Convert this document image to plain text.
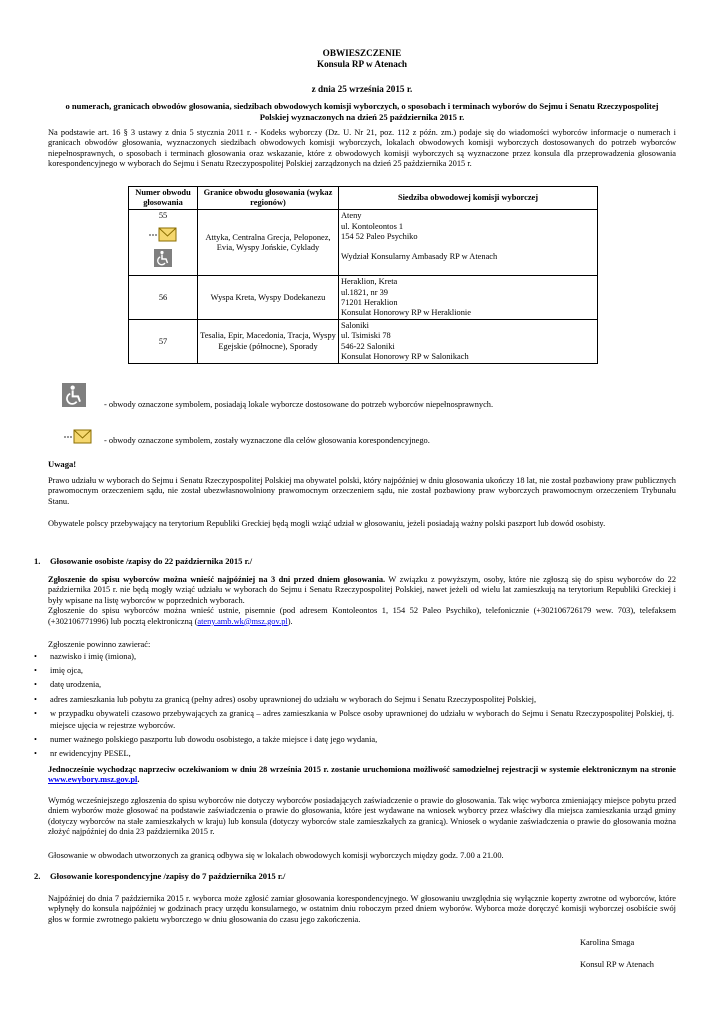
OBWIESZCZENIE
Konsula RP w Atenach
z dnia 25 września 2015 r.
o numerach, granicach obwodów głosowania, siedzibach obwodowych komisji wyborczych, o sposobach i terminach wyborów do Sejmu i Senatu Rzeczypospolitej Polskiej wyznaczonych na dzień 25 października 2015 r.

Na podstawie art. 16 § 3 ustawy z dnia 5 stycznia 2011 r. - Kodeks wyborczy (Dz. U. Nr 21, poz. 112 z późn. zm.) podaje się do wiadomości wyborców informacje o numerach i granicach obwodów głosowania, wyznaczonych siedzibach obwodowych komisji wyborczych, lokalach obwodowych komisji wyborczych dostosowanych do potrzeb wyborców niepełnosprawnych, o sposobach i terminach głosowania oraz wskazanie, które z obwodowych komisji wyborczych są wyznaczone przez konsula dla przeprowadzenia głosowania korespondencyjnego w wyborach do Sejmu i Senatu Rzeczypospolitej Polskiej zarządzonych na dzień 25 października 2015 r.

Numer obwodu głosowania	Granice obwodu głosowania (wykaz regionów)	Siedziba obwodowej komisji wyborczej

55	Attyka, Centralna Grecja, Peloponez, Evia, Wyspy Jońskie, Cyklady	Ateny
ul. Kontoleontos 1
154 52 Paleo Psychiko
Wydział Konsularny Ambasady RP w Atenach

56	Wyspa Kreta, Wyspy Dodekanezu	Heraklion, Kreta
ul.1821, nr 39
71201 Heraklion
Konsulat Honorowy RP w Heraklionie

57	Tesalia, Epir, Macedonia, Tracja, Wyspy Egejskie (północne), Sporady	Saloniki
ul. Tsimiski 78
546-22 Saloniki
Konsulat Honorowy RP w Salonikach
- obwody oznaczone symbolem, posiadają lokale wyborcze dostosowane do potrzeb wyborców niepełnosprawnych.
- obwody oznaczone symbolem, zostały wyznaczone dla celów głosowania korespondencyjnego.
Uwaga!

Prawo udziału w wyborach do Sejmu i Senatu Rzeczypospolitej Polskiej ma obywatel polski, który najpóźniej w dniu głosowania ukończy 18 lat, nie został pozbawiony praw publicznych prawomocnym orzeczeniem sądu, nie został ubezwłasnowolniony prawomocnym orzeczeniem sądu, nie został pozbawiony praw wyborczych prawomocnym orzeczeniem Trybunału Stanu.

Obywatele polscy przebywający na terytorium Republiki Greckiej będą mogli wziąć udział w głosowaniu, jeżeli posiadają ważny polski paszport lub dowód osobisty.

1. Głosowanie osobiste /zapisy do 22 października 2015 r./

Zgłoszenie do spisu wyborców można wnieść najpóźniej na 3 dni przed dniem głosowania. W związku z powyższym, osoby, które nie zgłoszą się do spisu wyborców do 22 października 2015 r. nie będą mogły wziąć udziału w wyborach do Sejmu i Senatu Rzeczypospolitej Polskiej, nawet jeżeli od wielu lat zamieszkują na terytorium Republiki Greckiej i były wpisane na listę wyborców w poprzednich wyborach.
Zgłoszenie do spisu wyborców można wnieść ustnie, pisemnie (pod adresem Kontoleontos 1, 154 52 Paleo Psychiko), telefonicznie (+302106726179 wew. 703), telefaksem (+302106771996) lub pocztą elektroniczną (ateny.amb.wk@msz.gov.pl).

Zgłoszenie powinno zawierać:
• nazwisko i imię (imiona),
• imię ojca,
• datę urodzenia,
• adres zamieszkania lub pobytu za granicą (pełny adres) osoby uprawnionej do udziału w wyborach do Sejmu i Senatu Rzeczypospolitej Polskiej,
• w przypadku obywateli czasowo przebywających za granicą – adres zamieszkania w Polsce osoby uprawnionej do udziału w wyborach do Sejmu i Senatu Rzeczypospolitej Polskiej, tj. miejsce ujęcia w rejestrze wyborców.
• numer ważnego polskiego paszportu lub dowodu osobistego, a także miejsce i datę jego wydania,
• nr ewidencyjny PESEL,

Jednocześnie wychodząc naprzeciw oczekiwaniom w dniu 28 września 2015 r. zostanie uruchomiona możliwość samodzielnej rejestracji w systemie elektronicznym na stronie www.ewybory.msz.gov.pl.

Wymóg wcześniejszego zgłoszenia do spisu wyborców nie dotyczy wyborców posiadających zaświadczenie o prawie do głosowania. Tak więc wyborca zmieniający miejsce pobytu przed dniem wyborów może głosować na podstawie zaświadczenia o prawie do głosowania, które jest wydawane na wniosek wyborcy przez właściwy dla miejsca zamieszkania urząd gminy (dotyczy wyborców na stałe zamieszkałych w kraju) lub konsula (dotyczy wyborców stale zamieszkałych za granicą). Wniosek o wydanie zaświadczenia o prawie do głosowania można złożyć najpóźniej do dnia 23 października 2015 r.

Głosowanie w obwodach utworzonych za granicą odbywa się w lokalach obwodowych komisji wyborczych między godz. 7.00 a 21.00.

2. Głosowanie korespondencyjne /zapisy do 7 października 2015 r./

Najpóźniej do dnia 7 października 2015 r. wyborca może zgłosić zamiar głosowania korespondencyjnego. W głosowaniu uwzględnia się wyłącznie koperty zwrotne od wyborców, które wpłynęły do konsula najpóźniej w godzinach pracy urzędu konsularnego, w ostatnim dniu roboczym przed dniem wyborów. Wyborca może doręczyć komisji wyborczej osobiście swój głos w formie zwrotnego pakietu wyborczego w dniu głosowania do czasu jego zakończenia.

Karolina Smaga
Konsul RP w Atenach
